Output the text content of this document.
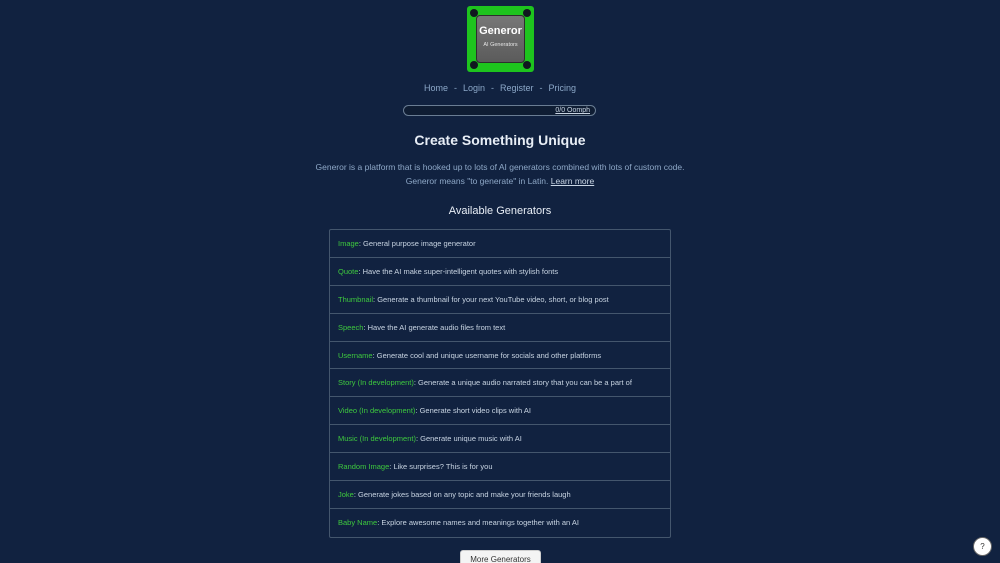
Generor
AI Generators
Home - Login - Register - Pricing
0/0 Oomph
Create Something Unique
Generor is a platform that is hooked up to lots of AI generators combined with lots of custom code. Generor means "to generate" in Latin. Learn more
Available Generators
Image: General purpose image generator
Quote: Have the AI make super-intelligent quotes with stylish fonts
Thumbnail: Generate a thumbnail for your next YouTube video, short, or blog post
Speech: Have the AI generate audio files from text
Username: Generate cool and unique username for socials and other platforms
Story (In development): Generate a unique audio narrated story that you can be a part of
Video (In development): Generate short video clips with AI
Music (In development): Generate unique music with AI
Random Image: Like surprises? This is for you
Joke: Generate jokes based on any topic and make your friends laugh
Baby Name: Explore awesome names and meanings together with an AI
More Generators
?
